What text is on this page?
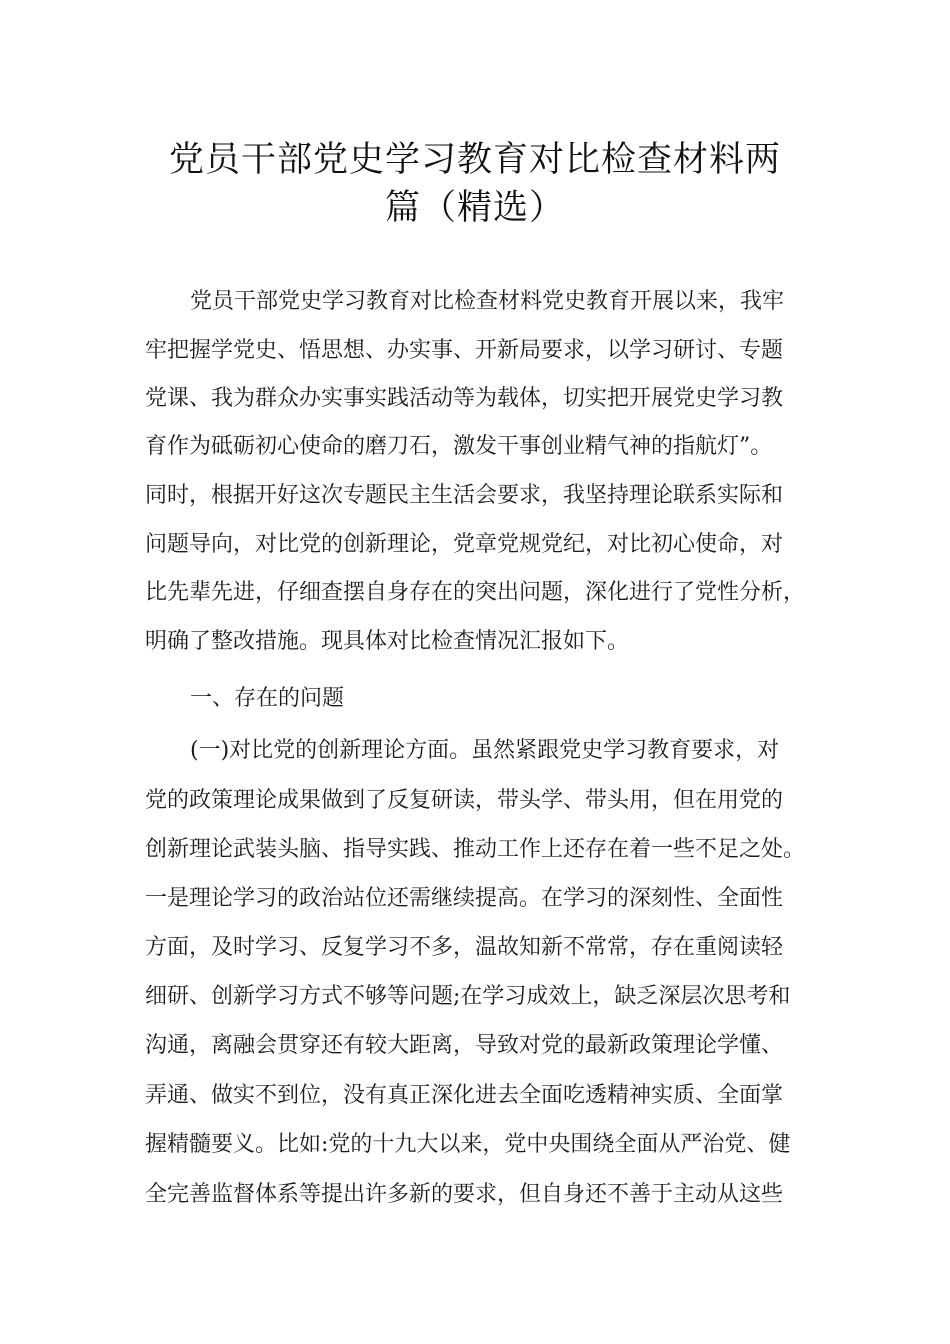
党员干部党史学习教育对比检查材料两
篇（精选）
党员干部党史学习教育对比检查材料党史教育开展以来，我牢
牢把握学党史、悟思想、办实事、开新局要求，以学习研讨、专题
党课、我为群众办实事实践活动等为载体，切实把开展党史学习教
育作为砥砺初心使命的磨刀石，激发干事创业精气神的指航灯”。
同时，根据开好这次专题民主生活会要求，我坚持理论联系实际和
问题导向，对比党的创新理论，党章党规党纪，对比初心使命，对
比先辈先进，仔细查摆自身存在的突出问题，深化进行了党性分析，
明确了整改措施。现具体对比检查情况汇报如下。
一、存在的问题
(一)对比党的创新理论方面。虽然紧跟党史学习教育要求，对
党的政策理论成果做到了反复研读，带头学、带头用，但在用党的
创新理论武装头脑、指导实践、推动工作上还存在着一些不足之处。
一是理论学习的政治站位还需继续提高。在学习的深刻性、全面性
方面，及时学习、反复学习不多，温故知新不常常，存在重阅读轻
细研、创新学习方式不够等问题;在学习成效上，缺乏深层次思考和
沟通，离融会贯穿还有较大距离，导致对党的最新政策理论学懂、
弄通、做实不到位，没有真正深化进去全面吃透精神实质、全面掌
握精髓要义。比如:党的十九大以来，党中央围绕全面从严治党、健
全完善监督体系等提出许多新的要求，但自身还不善于主动从这些
